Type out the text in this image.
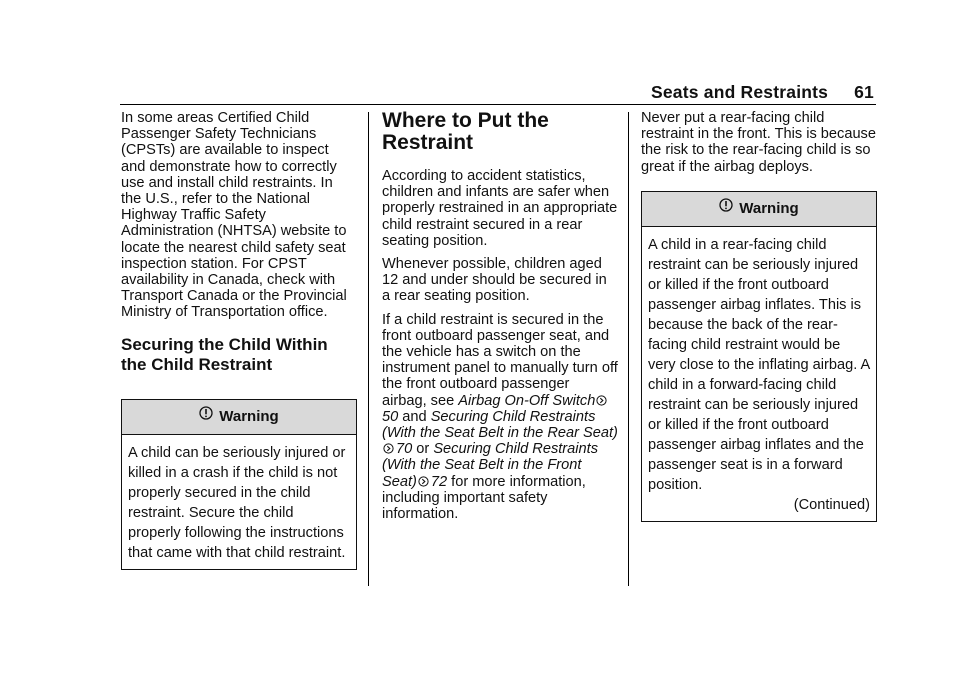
Seats and Restraints 61

In some areas Certified Child Passenger Safety Technicians (CPSTs) are available to inspect and demonstrate how to correctly use and install child restraints. In the U.S., refer to the National Highway Traffic Safety Administration (NHTSA) website to locate the nearest child safety seat inspection station. For CPST availability in Canada, check with Transport Canada or the Provincial Ministry of Transportation office.

Securing the Child Within the Child Restraint
Warning
A child can be seriously injured or killed in a crash if the child is not properly secured in the child restraint. Secure the child properly following the instructions that came with that child restraint.
Where to Put the Restraint

According to accident statistics, children and infants are safer when properly restrained in an appropriate child restraint secured in a rear seating position.

Whenever possible, children aged 12 and under should be secured in a rear seating position.

If a child restraint is secured in the front outboard passenger seat, and the vehicle has a switch on the instrument panel to manually turn off the front outboard passenger airbag, see Airbag On-Off Switch50 and Securing Child Restraints (With the Seat Belt in the Rear Seat)70 or Securing Child Restraints (With the Seat Belt in the Front Seat) 72 for more information, including important safety information.

Never put a rear-facing child restraint in the front. This is because the risk to the rear-facing child is so great if the airbag deploys.

Warning
A child in a rear-facing child restraint can be seriously injured or killed if the front outboard passenger airbag inflates. This is because the back of the rear-facing child restraint would be very close to the inflating airbag. A child in a forward-facing child restraint can be seriously injured or killed if the front outboard passenger airbag inflates and the passenger seat is in a forward position.
(Continued)
